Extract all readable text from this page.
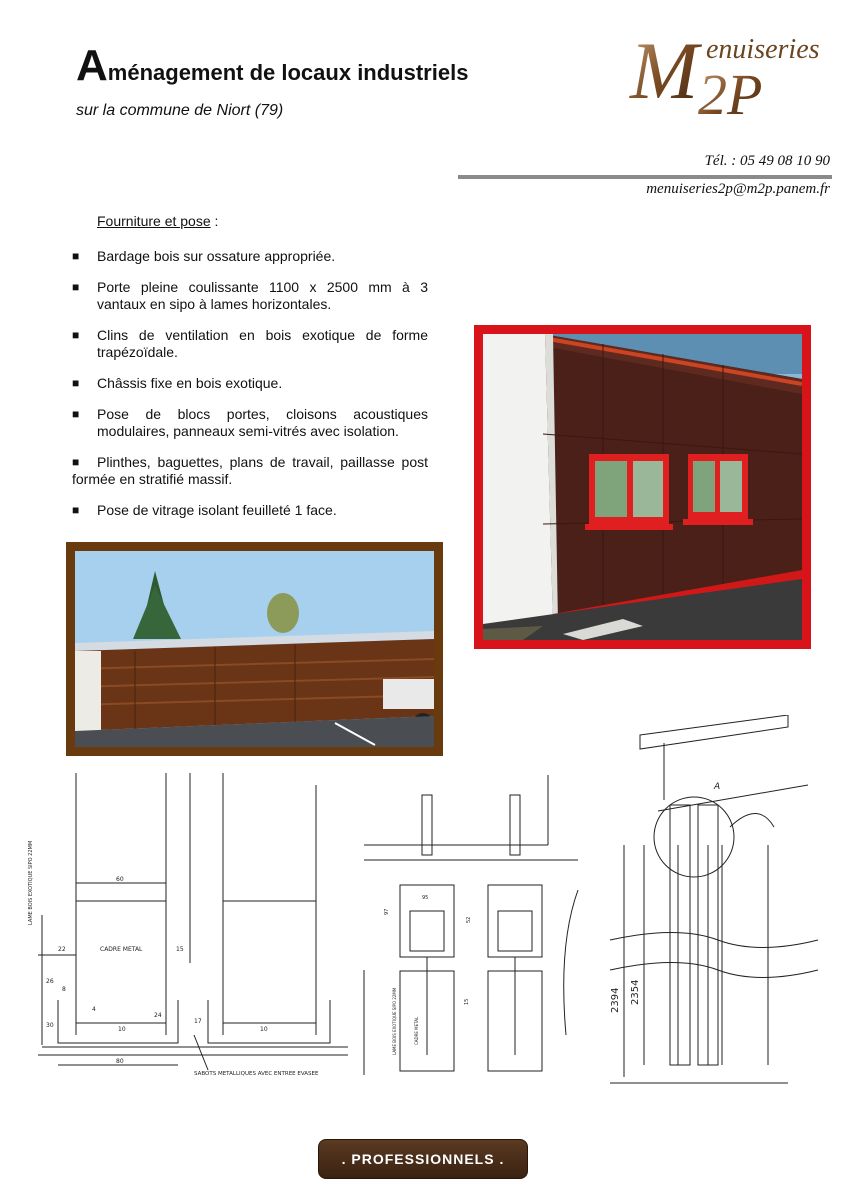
Aménagement de locaux industriels
sur la commune de Niort (79)	M enuiseries
2P
Tél. : 05 49 08 10 90
menuiseries2p@m2p.panem.fr
Fourniture et pose :
■ Bardage bois sur ossature appropriée.
■ Porte pleine coulissante 1100 x 2500 mm à 3 vantaux en sipo à lames horizontales.
■ Clins de ventilation en bois exotique de forme trapézoïdale.
■ Châssis fixe en bois exotique.
■ Pose de blocs portes, cloisons acoustiques modulaires, panneaux semi-vitrés avec isolation.
■ Plinthes, baguettes, plans de travail, paillasse post formée en stratifié massif.
■ Pose de vitrage isolant feuilleté 1 face.
LAME BOIS EXOTIQUE SIPO 22MM
CADRE METAL
60
22	15
26
8
30
4
10
24
17
10
80
SABOTS METALLIQUES AVEC ENTREE EVASEE
LAME BOIS EXOTIQUE SIPO 22MM	CADRE METAL
95
97
52
15
A
2394 2354
. PROFESSIONNELS .
